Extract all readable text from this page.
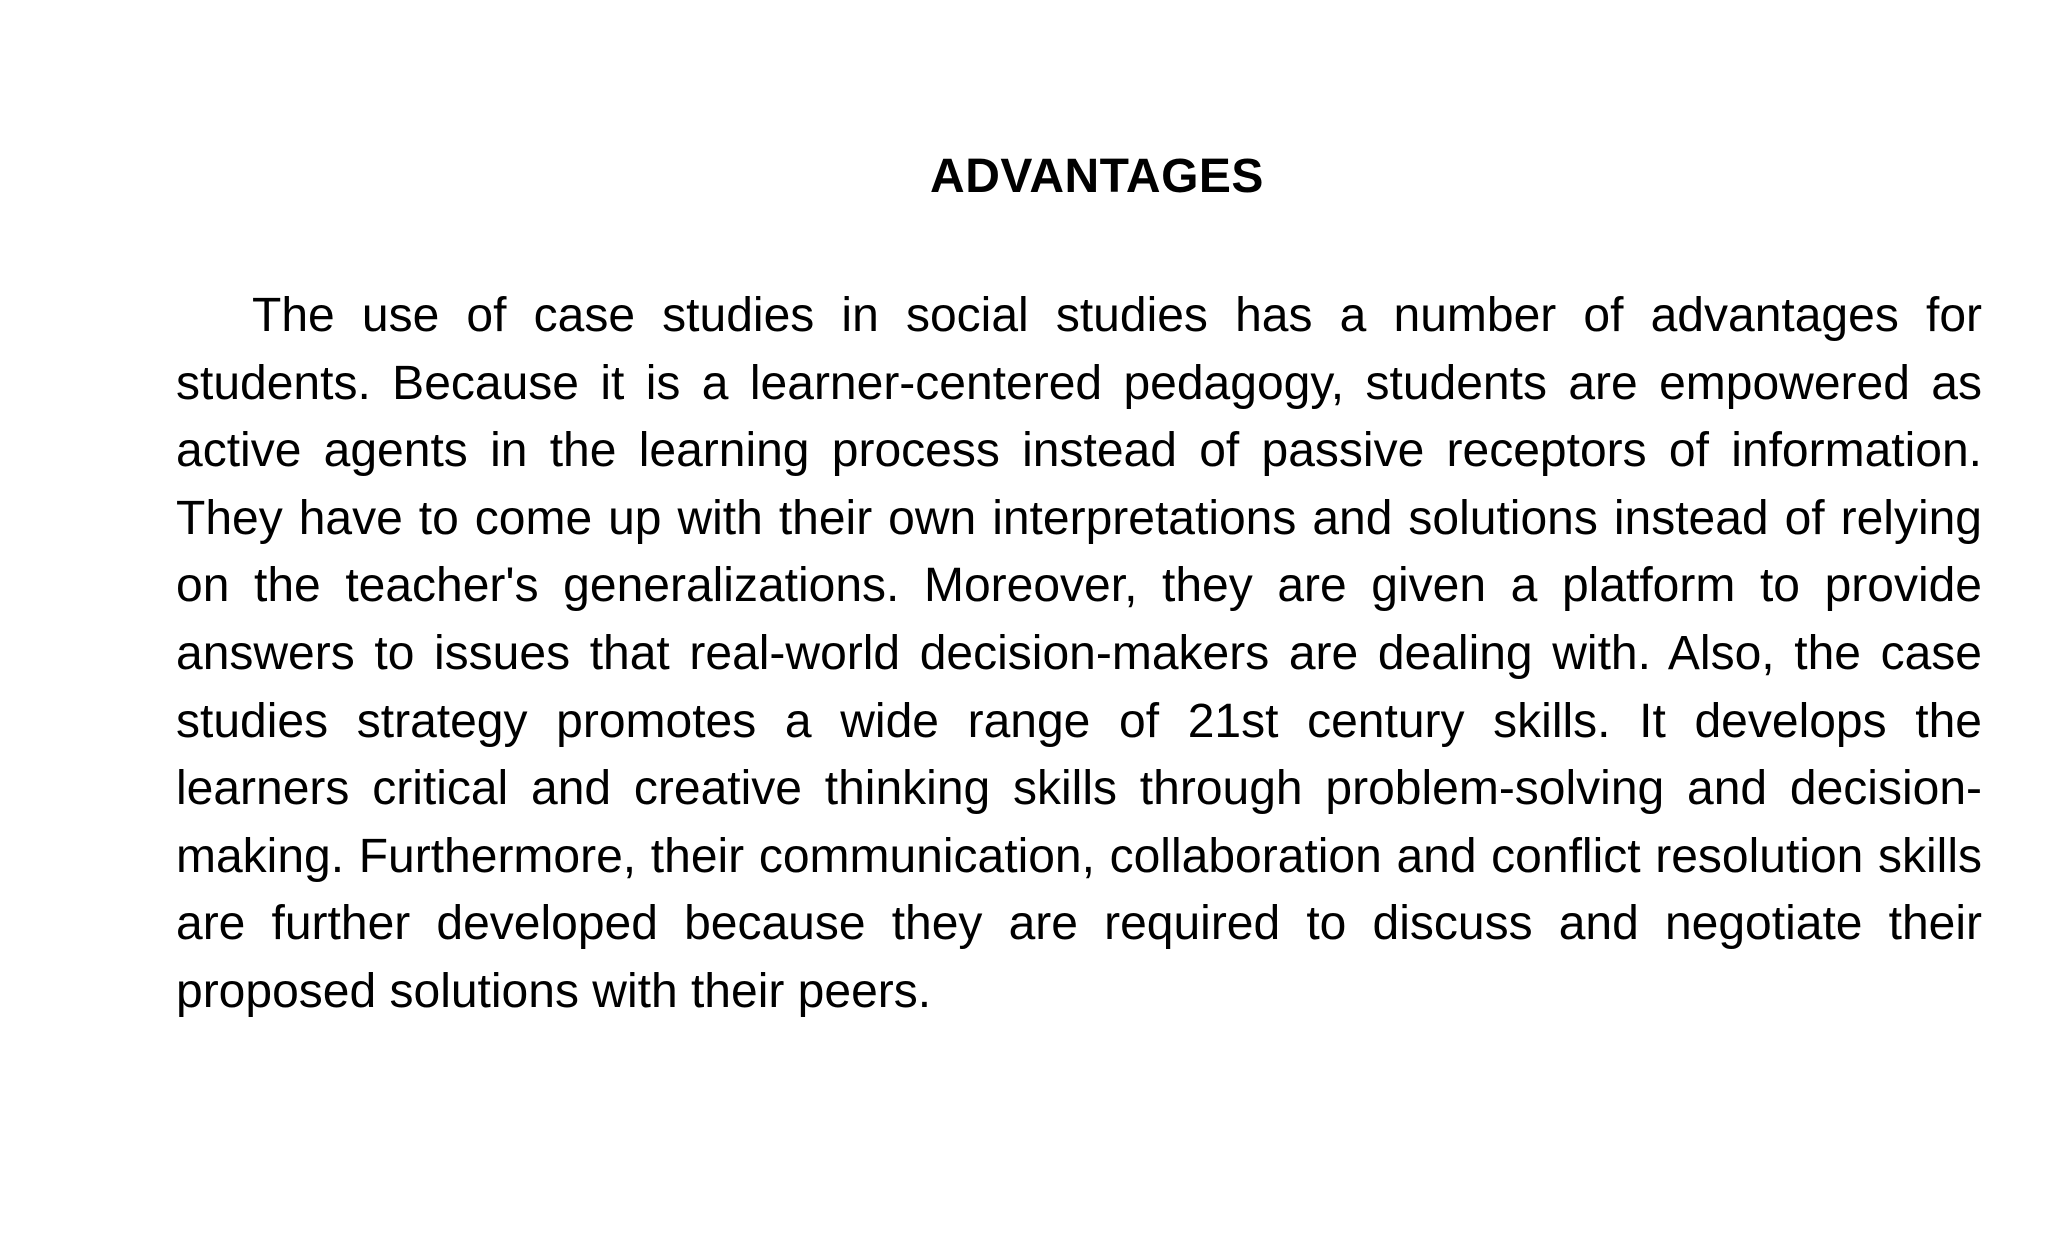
ADVANTAGES

The use of case studies in social studies has a number of advantages for students. Because it is a learner-centered pedagogy, students are empowered as active agents in the learning process instead of passive receptors of information. They have to come up with their own interpretations and solutions instead of relying on the teacher's generalizations. Moreover, they are given a platform to provide answers to issues that real-world decision-makers are dealing with. Also, the case studies strategy promotes a wide range of 21st century skills. It develops the learners critical and creative thinking skills through problem-solving and decision-making. Furthermore, their communication, collaboration and conflict resolution skills are further developed because they are required to discuss and negotiate their proposed solutions with their peers.
